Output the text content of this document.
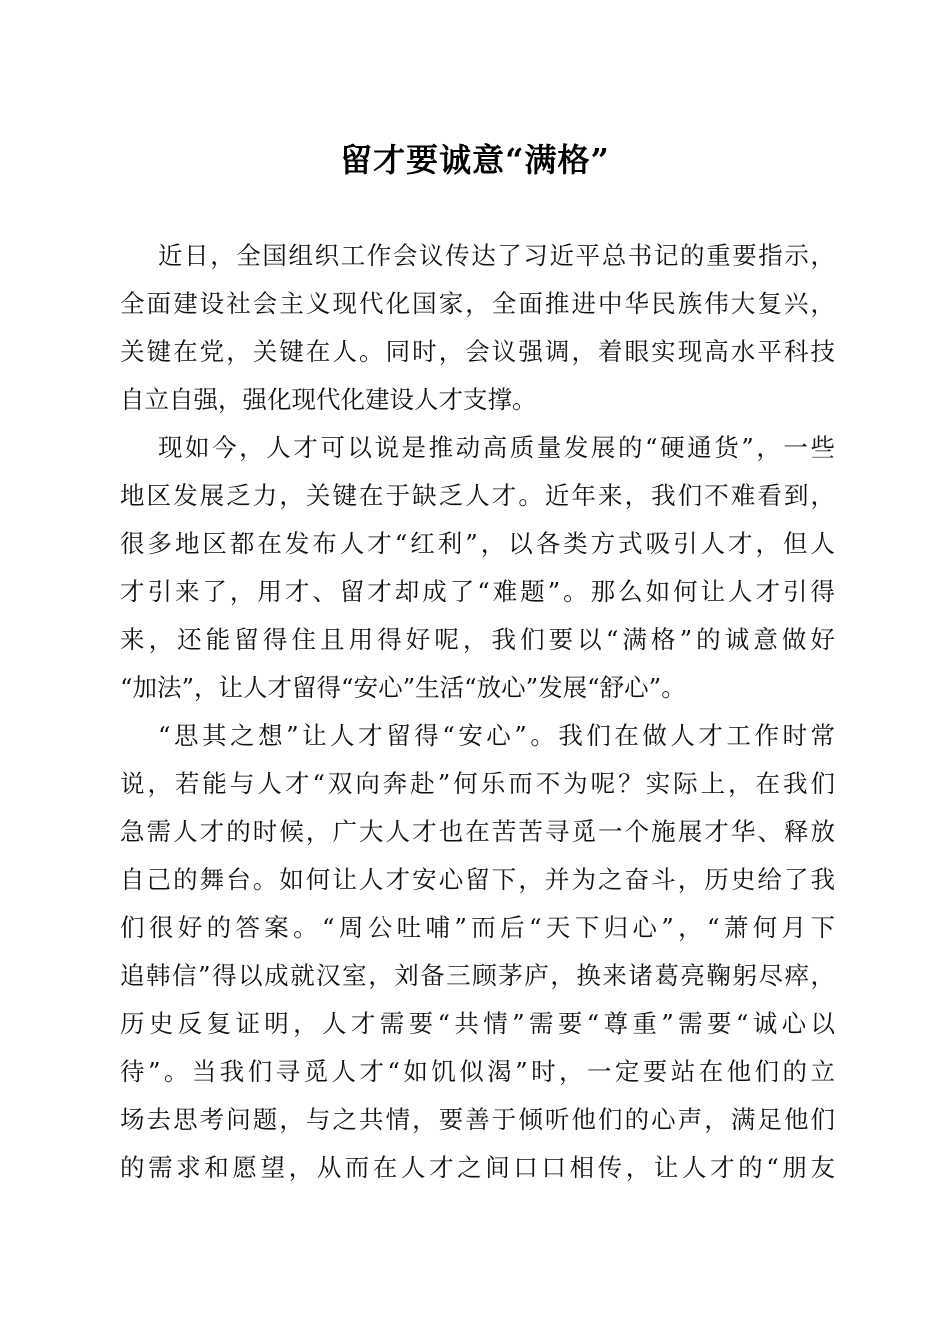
留才要诚意“满格”
近日，全国组织工作会议传达了习近平总书记的重要指示，
全面建设社会主义现代化国家，全面推进中华民族伟大复兴，
关键在党，关键在人。同时，会议强调，着眼实现高水平科技
自立自强，强化现代化建设人才支撑。
现如今，人才可以说是推动高质量发展的“硬通货”，一些
地区发展乏力，关键在于缺乏人才。近年来，我们不难看到，
很多地区都在发布人才“红利”，以各类方式吸引人才，但人
才引来了，用才、留才却成了“难题”。那么如何让人才引得
来，还能留得住且用得好呢，我们要以“满格”的诚意做好
“加法”，让人才留得“安心”生活“放心”发展“舒心”。
“思其之想”让人才留得“安心”。我们在做人才工作时常
说，若能与人才“双向奔赴”何乐而不为呢？实际上，在我们
急需人才的时候，广大人才也在苦苦寻觅一个施展才华、释放
自己的舞台。如何让人才安心留下，并为之奋斗，历史给了我
们很好的答案。“周公吐哺”而后“天下归心”，“萧何月下
追韩信”得以成就汉室，刘备三顾茅庐，换来诸葛亮鞠躬尽瘁，
历史反复证明，人才需要“共情”需要“尊重”需要“诚心以
待”。当我们寻觅人才“如饥似渴”时，一定要站在他们的立
场去思考问题，与之共情，要善于倾听他们的心声，满足他们
的需求和愿望，从而在人才之间口口相传，让人才的“朋友
